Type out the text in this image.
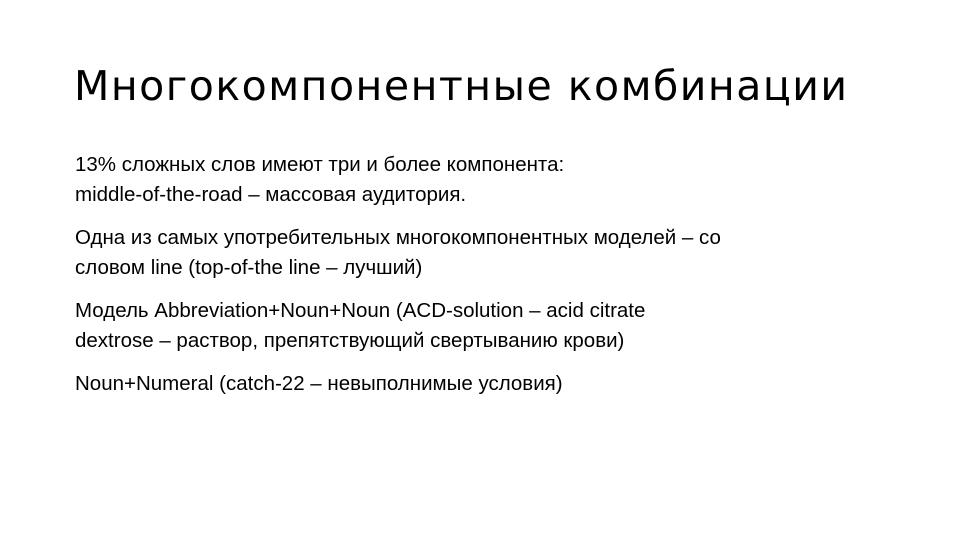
Многокомпонентные комбинации

13% сложных слов имеют три и более компонента:
middle-of-the-road – массовая аудитория.

Одна из самых употребительных многокомпонентных моделей – со
словом line (top-of-the line – лучший)

Модель Abbreviation+Noun+Noun (ACD-solution – acid citrate
dextrose – раствор, препятствующий свертыванию крови)

Noun+Numeral (catch-22 – невыполнимые условия)
